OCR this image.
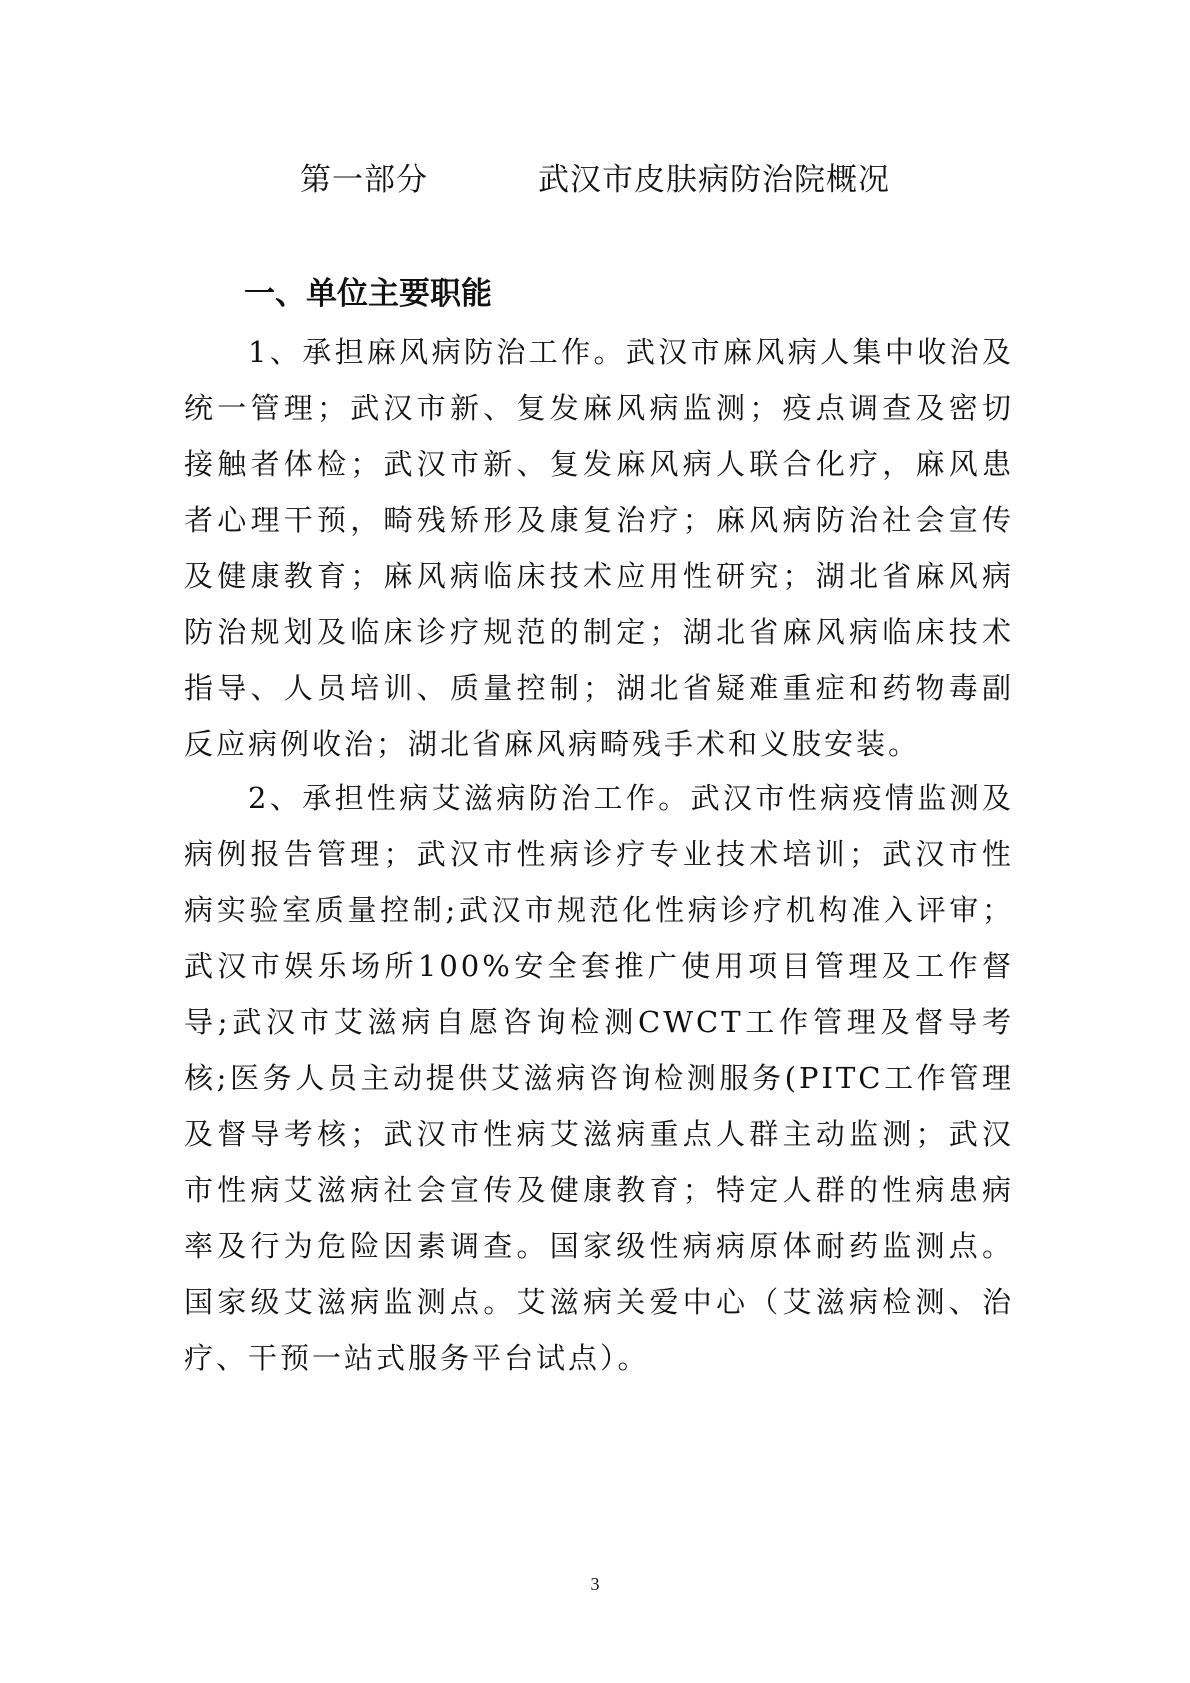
第一部分	武汉市皮肤病防治院概况
一、单位主要职能

1、承担麻风病防治工作。武汉市麻风病人集中收治及统一管理；武汉市新、复发麻风病监测；疫点调查及密切接触者体检；武汉市新、复发麻风病人联合化疗，麻风患者心理干预，畸残矫形及康复治疗；麻风病防治社会宣传及健康教育；麻风病临床技术应用性研究；湖北省麻风病防治规划及临床诊疗规范的制定；湖北省麻风病临床技术指导、人员培训、质量控制；湖北省疑难重症和药物毒副反应病例收治；湖北省麻风病畸残手术和义肢安装。

2、承担性病艾滋病防治工作。武汉市性病疫情监测及病例报告管理；武汉市性病诊疗专业技术培训；武汉市性病实验室质量控制;武汉市规范化性病诊疗机构准入评审；武汉市娱乐场所100%安全套推广使用项目管理及工作督导;武汉市艾滋病自愿咨询检测CWCT工作管理及督导考核;医务人员主动提供艾滋病咨询检测服务(PITC工作管理及督导考核；武汉市性病艾滋病重点人群主动监测；武汉市性病艾滋病社会宣传及健康教育；特定人群的性病患病率及行为危险因素调查。国家级性病病原体耐药监测点。国家级艾滋病监测点。艾滋病关爱中心（艾滋病检测、治疗、干预一站式服务平台试点）。

3
